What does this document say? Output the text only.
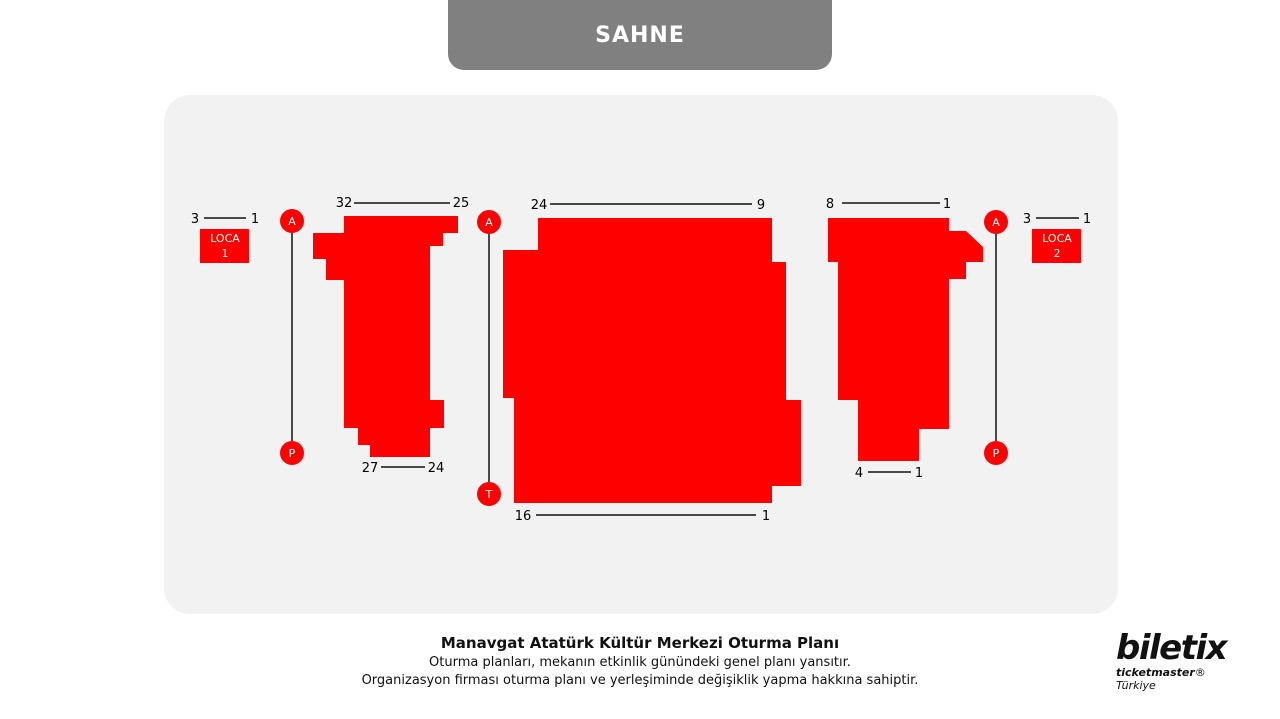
SAHNE
32	25
27	24
24	9
16	1
8	1
4	1
3	1
LOCA
1
3	1
LOCA
2
A
P
A
T
A
P
Manavgat Atatürk Kültür Merkezi Oturma Planı
Oturma planları, mekanın etkinlik günündeki genel planı yansıtır.
Organizasyon firması oturma planı ve yerleşiminde değişiklik yapma hakkına sahiptir.
biletix
ticketmaster® Türkiye
